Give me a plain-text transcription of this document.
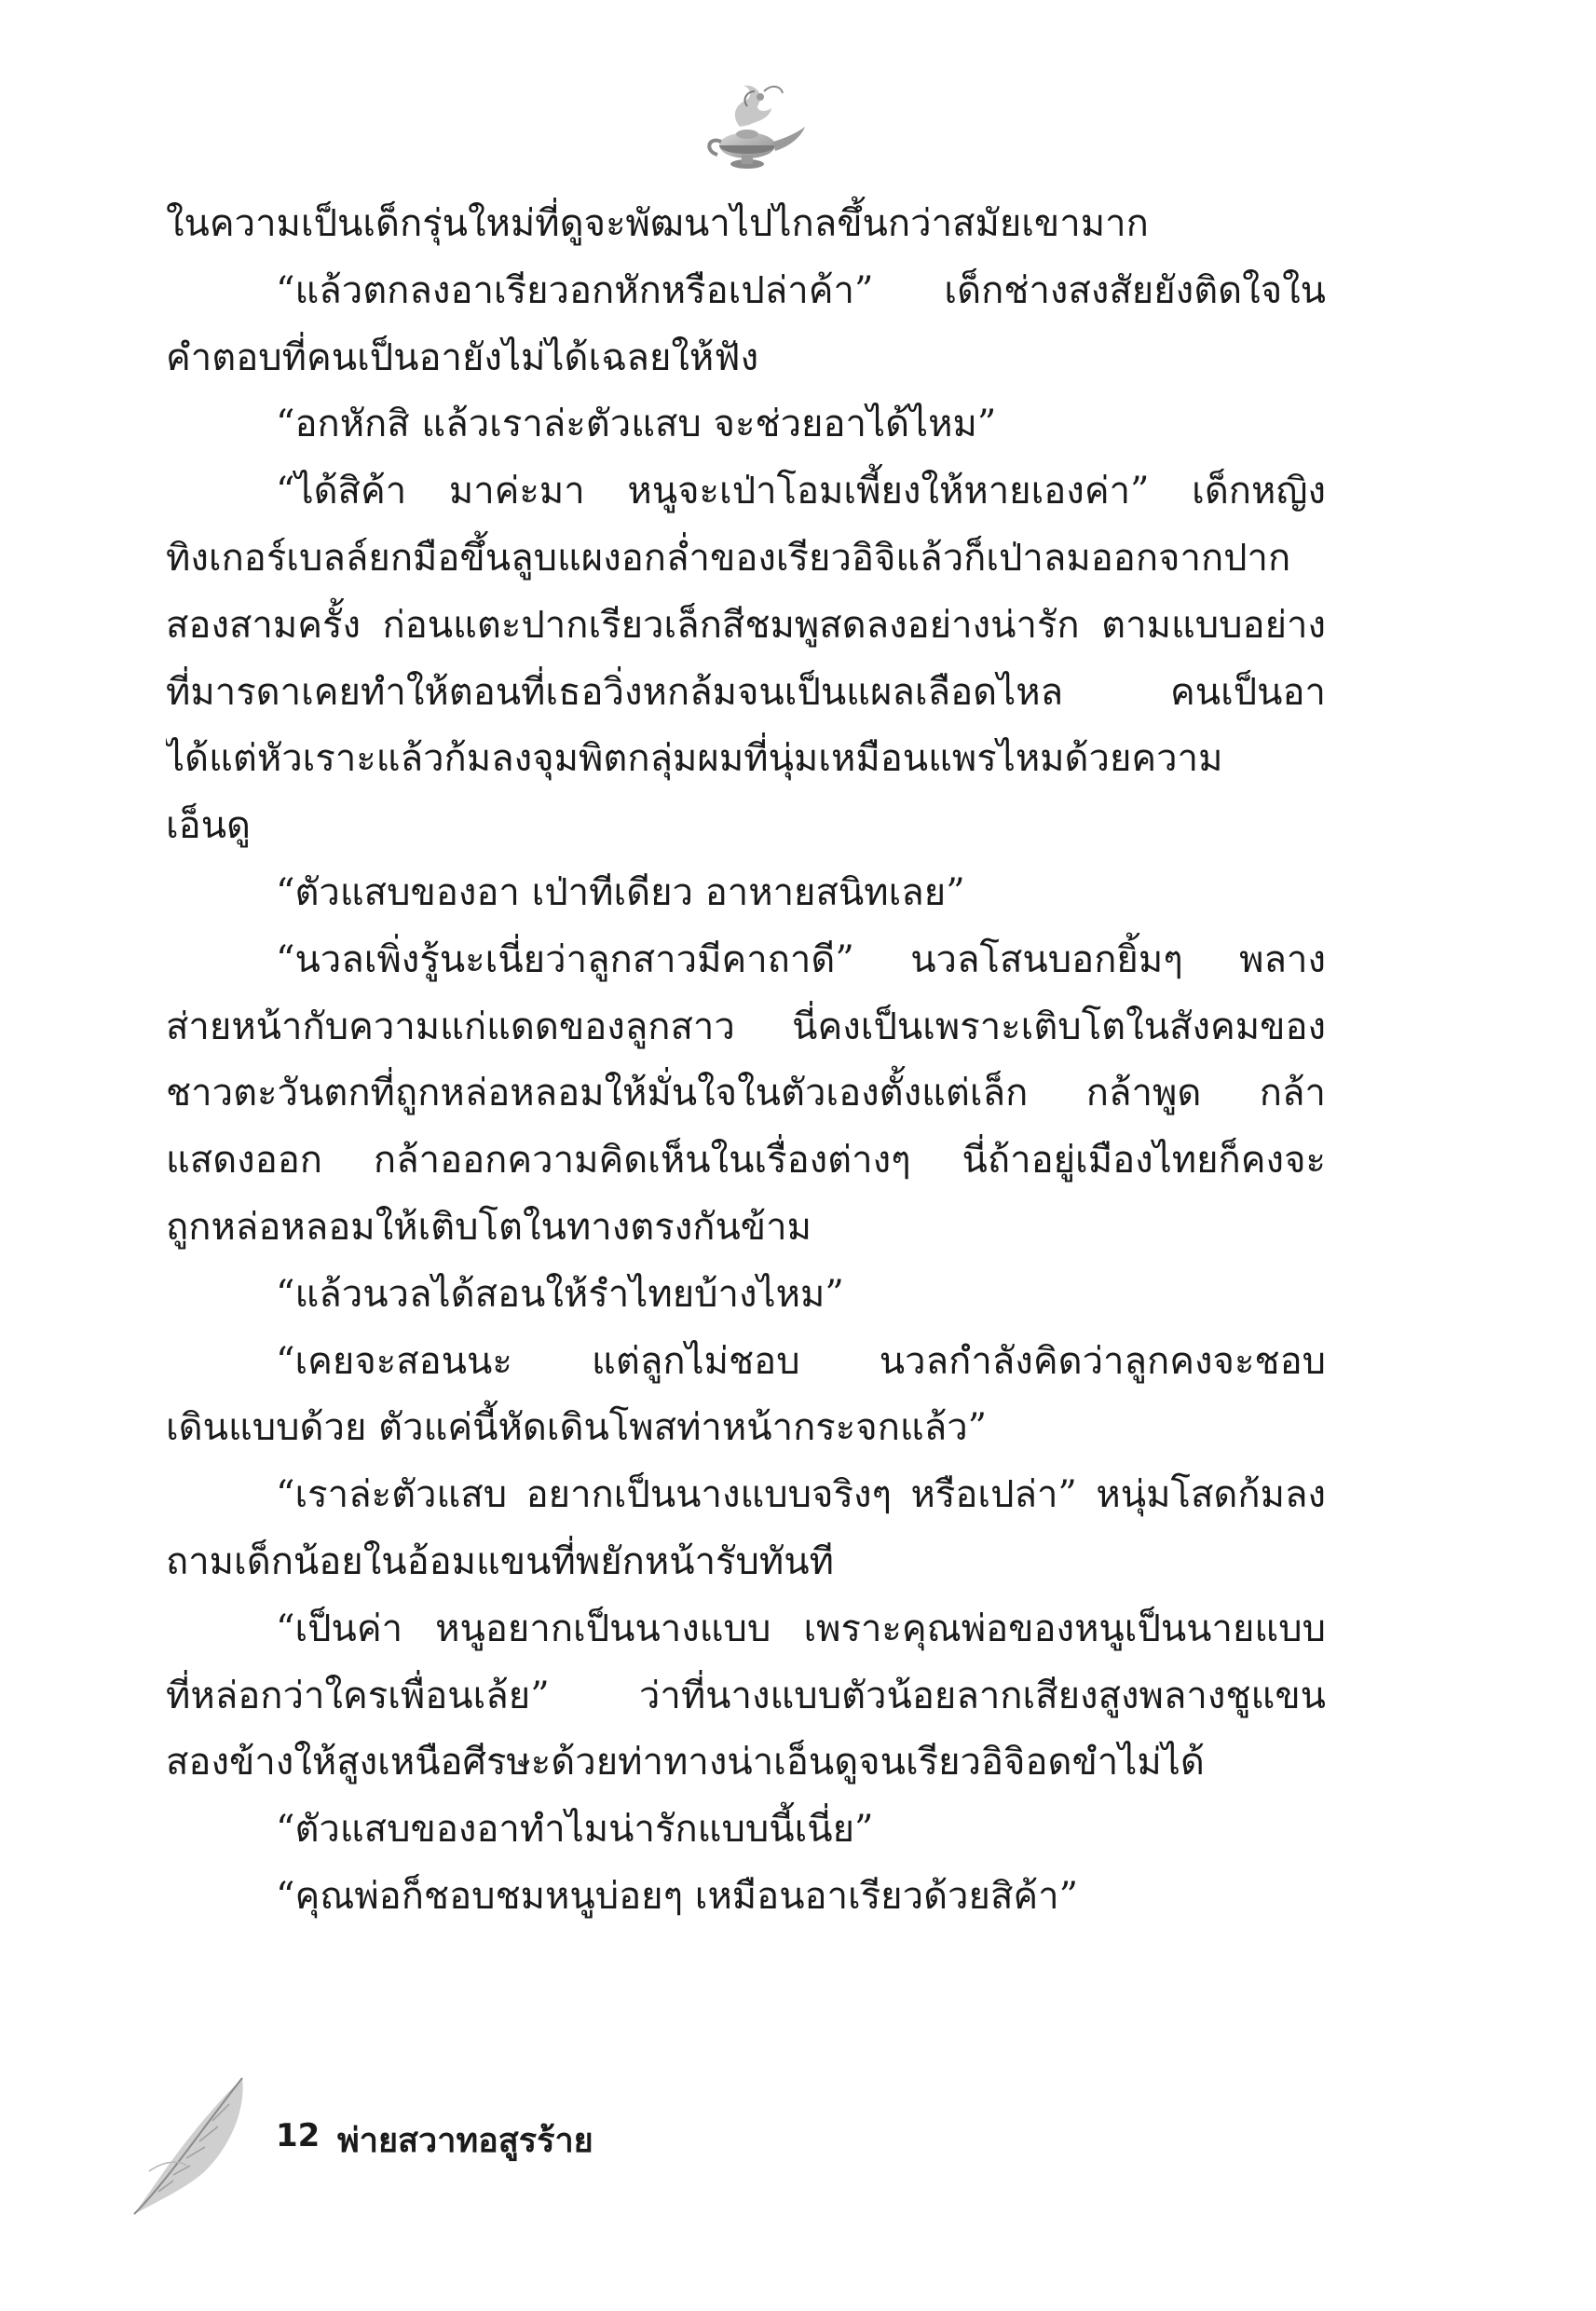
ในความเป็นเด็กรุ่นใหม่ที่ดูจะพัฒนาไปไกลขึ้นกว่าสมัยเขามาก
“แล้วตกลงอาเรียวอกหักหรือเปล่าค้า” เด็กช่างสงสัยยังติดใจใน
คำตอบที่คนเป็นอายังไม่ได้เฉลยให้ฟัง
“อกหักสิ แล้วเราล่ะตัวแสบ จะช่วยอาได้ไหม”
“ได้สิค้า มาค่ะมา หนูจะเป่าโอมเพี้ยงให้หายเองค่า” เด็กหญิง
ทิงเกอร์เบลล์ยกมือขึ้นลูบแผงอกล่ำของเรียวอิจิแล้วก็เป่าลมออกจากปาก
สองสามครั้ง ก่อนแตะปากเรียวเล็กสีชมพูสดลงอย่างน่ารัก ตามแบบอย่าง
ที่มารดาเคยทำให้ตอนที่เธอวิ่งหกล้มจนเป็นแผลเลือดไหล คนเป็นอา
ได้แต่หัวเราะแล้วก้มลงจุมพิตกลุ่มผมที่นุ่มเหมือนแพรไหมด้วยความ
เอ็นดู
“ตัวแสบของอา เป่าทีเดียว อาหายสนิทเลย”
“นวลเพิ่งรู้นะเนี่ยว่าลูกสาวมีคาถาดี” นวลโสนบอกยิ้มๆ พลาง
ส่ายหน้ากับความแก่แดดของลูกสาว นี่คงเป็นเพราะเติบโตในสังคมของ
ชาวตะวันตกที่ถูกหล่อหลอมให้มั่นใจในตัวเองตั้งแต่เล็ก กล้าพูด กล้า
แสดงออก กล้าออกความคิดเห็นในเรื่องต่างๆ นี่ถ้าอยู่เมืองไทยก็คงจะ
ถูกหล่อหลอมให้เติบโตในทางตรงกันข้าม
“แล้วนวลได้สอนให้รำไทยบ้างไหม”
“เคยจะสอนนะ แต่ลูกไม่ชอบ นวลกำลังคิดว่าลูกคงจะชอบ
เดินแบบด้วย ตัวแค่นี้หัดเดินโพสท่าหน้ากระจกแล้ว”
“เราล่ะตัวแสบ อยากเป็นนางแบบจริงๆ หรือเปล่า” หนุ่มโสดก้มลง
ถามเด็กน้อยในอ้อมแขนที่พยักหน้ารับทันที
“เป็นค่า หนูอยากเป็นนางแบบ เพราะคุณพ่อของหนูเป็นนายแบบ
ที่หล่อกว่าใครเพื่อนเล้ย” ว่าที่นางแบบตัวน้อยลากเสียงสูงพลางชูแขน
สองข้างให้สูงเหนือศีรษะด้วยท่าทางน่าเอ็นดูจนเรียวอิจิอดขำไม่ได้
“ตัวแสบของอาทำไมน่ารักแบบนี้เนี่ย”
“คุณพ่อก็ชอบชมหนูบ่อยๆ เหมือนอาเรียวด้วยสิค้า”
12 พ่ายสวาทอสูรร้าย
